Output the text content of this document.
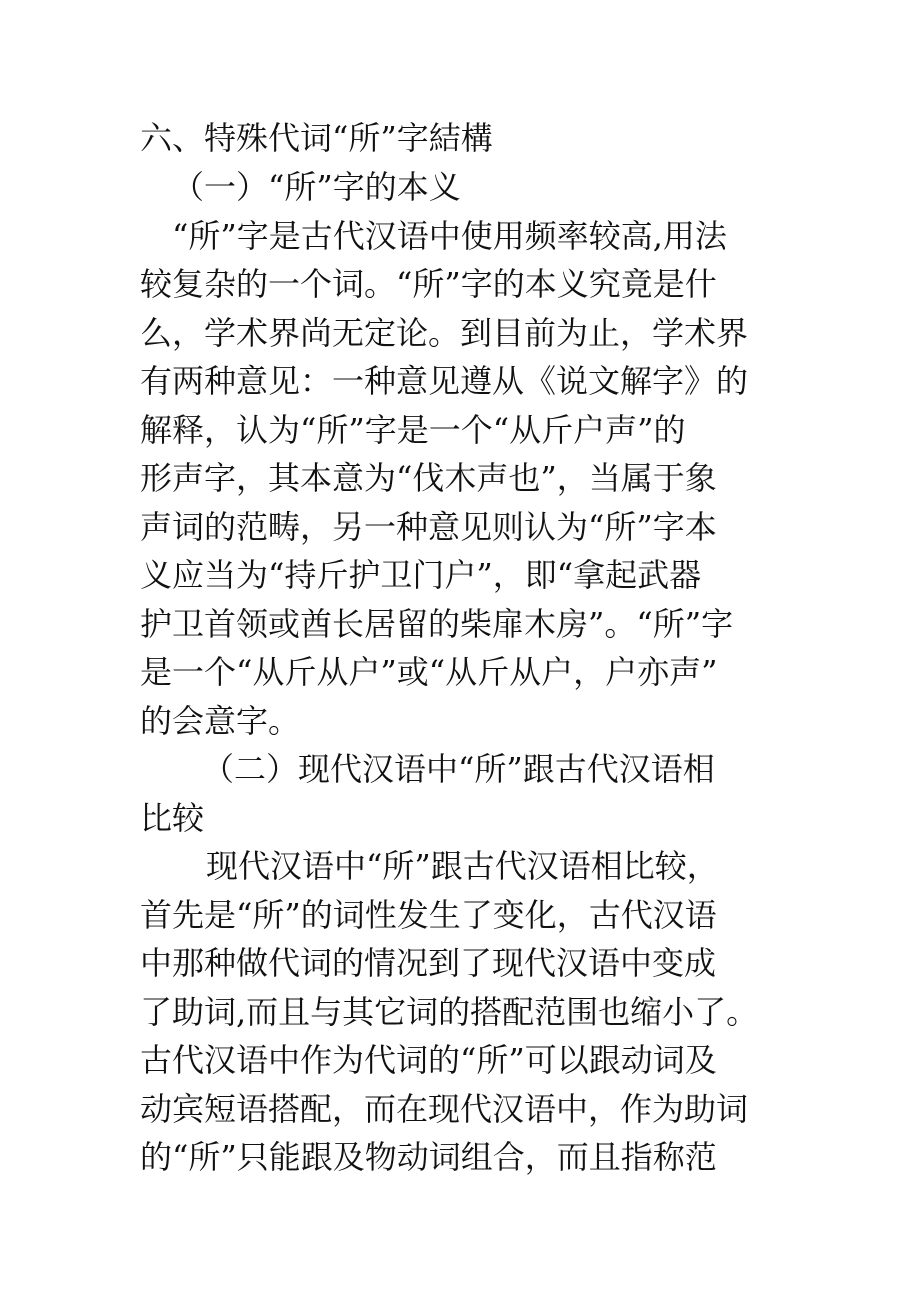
六、特殊代词“所”字結構
（一）“所”字的本义
“所”字是古代汉语中使用频率较高,用法
较复杂的一个词。“所”字的本义究竟是什
么，学术界尚无定论。到目前为止，学术界
有两种意见：一种意见遵从《说文解字》的
解释，认为“所”字是一个“从斤户声”的
形声字，其本意为“伐木声也”，当属于象
声词的范畴，另一种意见则认为“所”字本
义应当为“持斤护卫门户”，即“拿起武器
护卫首领或酋长居留的柴扉木房”。“所”字
是一个“从斤从户”或“从斤从户，户亦声”
的会意字。
（二）现代汉语中“所”跟古代汉语相
比较
现代汉语中“所”跟古代汉语相比较，
首先是“所”的词性发生了变化，古代汉语
中那种做代词的情况到了现代汉语中变成
了助词,而且与其它词的搭配范围也缩小了。
古代汉语中作为代词的“所”可以跟动词及
动宾短语搭配，而在现代汉语中，作为助词
的“所”只能跟及物动词组合，而且指称范
